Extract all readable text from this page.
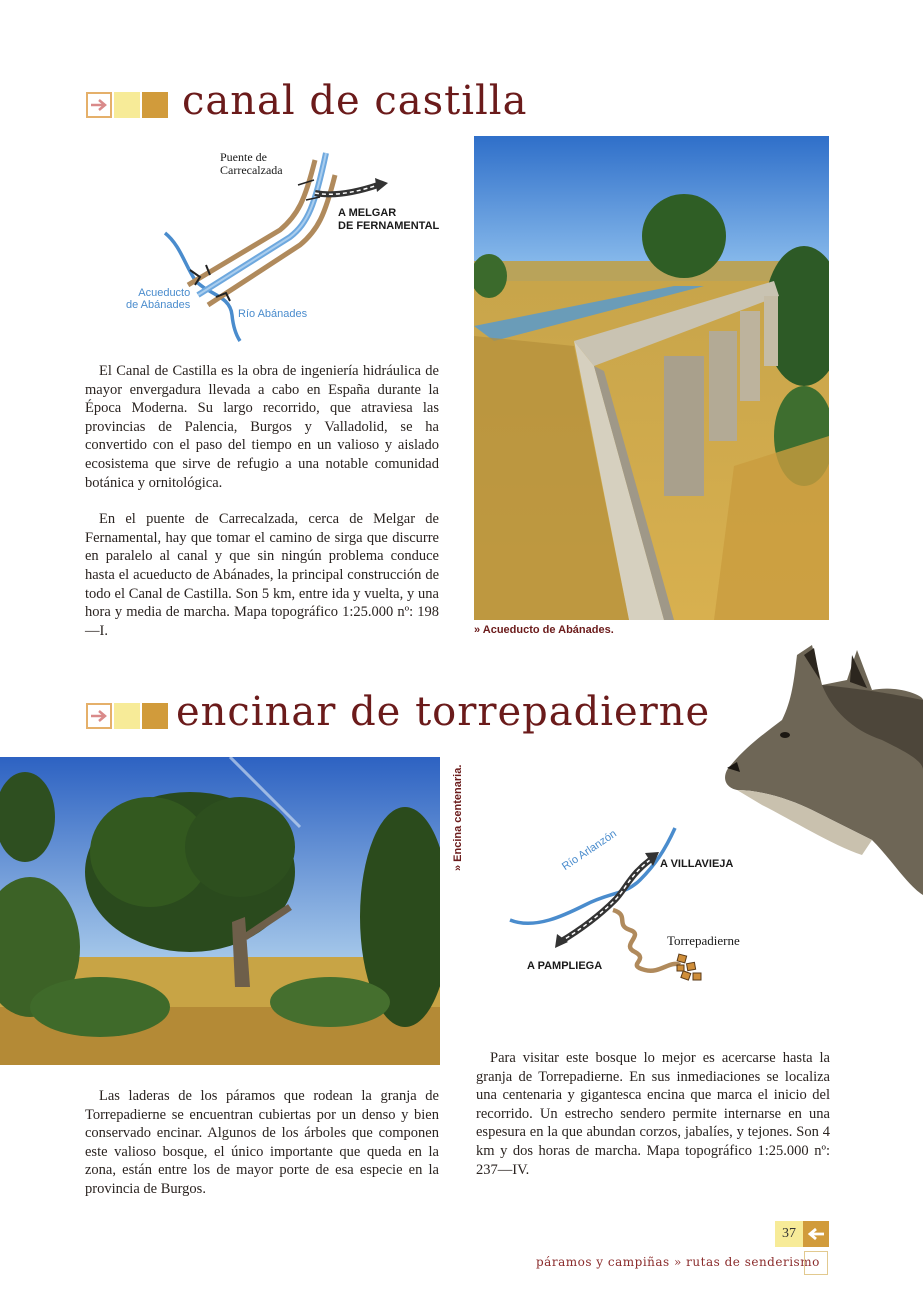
canal de castilla
Puente de
Carrecalzada
A MELGAR
DE FERNAMENTAL
Acueducto
de Abánades
Río Abánades

El Canal de Castilla es la obra de ingeniería hidráulica de mayor envergadura llevada a cabo en España durante la Época Moderna. Su largo recorrido, que atraviesa las provincias de Palencia, Burgos y Valladolid, se ha convertido con el paso del tiempo en un valioso y aislado ecosistema que sirve de refugio a una notable comunidad botánica y ornitológica.

En el puente de Carrecalzada, cerca de Melgar de Fernamental, hay que tomar el camino de sirga que discurre en paralelo al canal y que sin ningún problema conduce hasta el acueducto de Abánades, la principal construcción de todo el Canal de Castilla. Son 5 km, entre ida y vuelta, y una hora y media de marcha. Mapa topográfico 1:25.000 nº: 198—I.	» Acueducto de Abánades.
encinar de torrepadierne
» Encina centenaria.	Río Arlanzón	A VILLAVIEJA
A PAMPLIEGA
Torrepadierne

Las laderas de los páramos que rodean la granja de Torrepadierne se encuentran cubiertas por un denso y bien conservado encinar. Algunos de los árboles que componen este valioso bosque, el único importante que queda en la zona, están entre los de mayor porte de esa especie en la provincia de Burgos.

Para visitar este bosque lo mejor es acercarse hasta la granja de Torrepadierne. En sus inmediaciones se localiza una centenaria y gigantesca encina que marca el inicio del recorrido. Un estrecho sendero permite internarse en una espesura en la que abundan corzos, jabalíes, y tejones. Son 4 km y dos horas de marcha. Mapa topográfico 1:25.000 nº: 237—IV.

37
páramos y campiñas » rutas de senderismo
